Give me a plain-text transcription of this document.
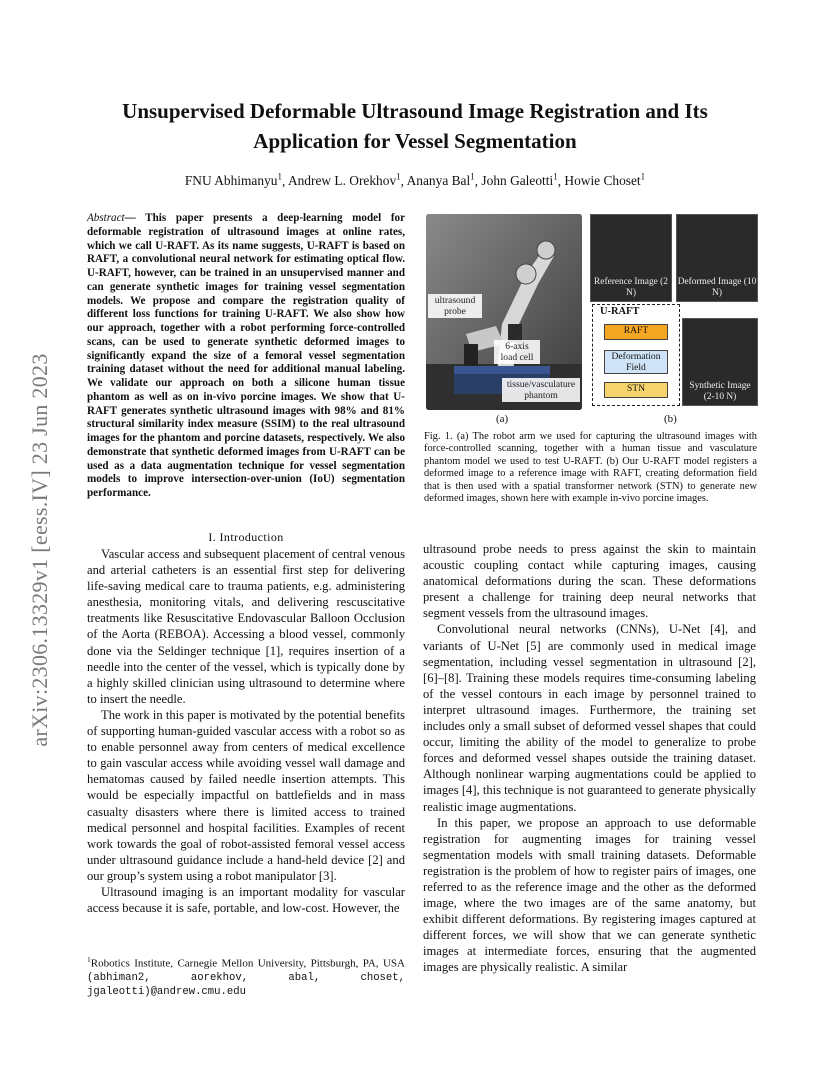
arXiv:2306.13329v1 [eess.IV] 23 Jun 2023
Unsupervised Deformable Ultrasound Image Registration and Its Application for Vessel Segmentation
FNU Abhimanyu$^1$, Andrew L. Orekhov$^1$, Ananya Bal$^1$, John Galeotti$^1$, Howie Choset$^1$
Abstract— This paper presents a deep-learning model for deformable registration of ultrasound images at online rates, which we call U-RAFT. As its name suggests, U-RAFT is based on RAFT, a convolutional neural network for estimating optical flow. U-RAFT, however, can be trained in an unsupervised manner and can generate synthetic images for training vessel segmentation models. We propose and compare the registration quality of different loss functions for training U-RAFT. We also show how our approach, together with a robot performing force-controlled scans, can be used to generate synthetic deformed images to significantly expand the size of a femoral vessel segmentation training dataset without the need for additional manual labeling. We validate our approach on both a silicone human tissue phantom as well as on in-vivo porcine images. We show that U-RAFT generates synthetic ultrasound images with 98% and 81% structural similarity index measure (SSIM) to the real ultrasound images for the phantom and porcine datasets, respectively. We also demonstrate that synthetic deformed images from U-RAFT can be used as a data augmentation technique for vessel segmentation models to improve intersection-over-union (IoU) segmentation performance.
ultrasound probe
6-axis load cell
tissue/vasculature phantom
(a)
Reference Image (2 N)
Deformed Image (10 N)
U-RAFT
RAFT
Deformation Field
STN	Synthetic Image (2-10 N)
(b)
Fig. 1. (a) The robot arm we used for capturing the ultrasound images with force-controlled scanning, together with a human tissue and vasculature phantom model we used to test U-RAFT. (b) Our U-RAFT model registers a deformed image to a reference image with RAFT, creating deformation field that is then used with a spatial transformer network (STN) to generate new deformed images, shown here with example in-vivo porcine images.
I. Introduction

Vascular access and subsequent placement of central venous and arterial catheters is an essential first step for delivering life-saving medical care to trauma patients, e.g. administering anesthesia, monitoring vitals, and delivering rescuscitative treatments like Resuscitative Endovascular Balloon Occlusion of the Aorta (REBOA). Accessing a blood vessel, commonly done via the Seldinger technique [1], requires insertion of a needle into the center of the vessel, which is typically done by a highly skilled clinician using ultrasound to determine where to insert the needle.

The work in this paper is motivated by the potential benefits of supporting human-guided vascular access with a robot so as to enable personnel away from centers of medical excellence to gain vascular access while avoiding vessel wall damage and hematomas caused by failed needle insertion attempts. This would be especially impactful on battlefields and in mass casualty disasters where there is limited access to trained medical personnel and hospital facilities. Examples of recent work towards the goal of robot-assisted femoral vessel access under ultrasound guidance include a hand-held device [2] and our group’s system using a robot manipulator [3].

Ultrasound imaging is an important modality for vascular access because it is safe, portable, and low-cost. However, the

$^1$Robotics Institute, Carnegie Mellon University, Pittsburgh, PA, USA (abhiman2, aorekhov, abal, choset, jgaleotti)@andrew.cmu.edu

ultrasound probe needs to press against the skin to maintain acoustic coupling contact while capturing images, causing anatomical deformations during the scan. These deformations present a challenge for training deep neural networks that segment vessels from the ultrasound images.

Convolutional neural networks (CNNs), U-Net [4], and variants of U-Net [5] are commonly used in medical image segmentation, including vessel segmentation in ultrasound [2], [6]–[8]. Training these models requires time-consuming labeling of the vessel contours in each image by personnel trained to interpret ultrasound images. Furthermore, the training set includes only a small subset of deformed vessel shapes that could occur, limiting the ability of the model to generalize to probe forces and deformed vessel shapes outside the training dataset. Although nonlinear warping augmentations could be applied to images [4], this technique is not guaranteed to generate physically realistic image augmentations.

In this paper, we propose an approach to use deformable registration for augmenting images for training vessel segmentation models with small training datasets. Deformable registration is the problem of how to register pairs of images, one referred to as the reference image and the other as the deformed image, where the two images are of the same anatomy, but exhibit different deformations. By registering images captured at different forces, we will show that we can generate synthetic images at intermediate forces, ensuring that the augmented images are physically realistic. A similar
